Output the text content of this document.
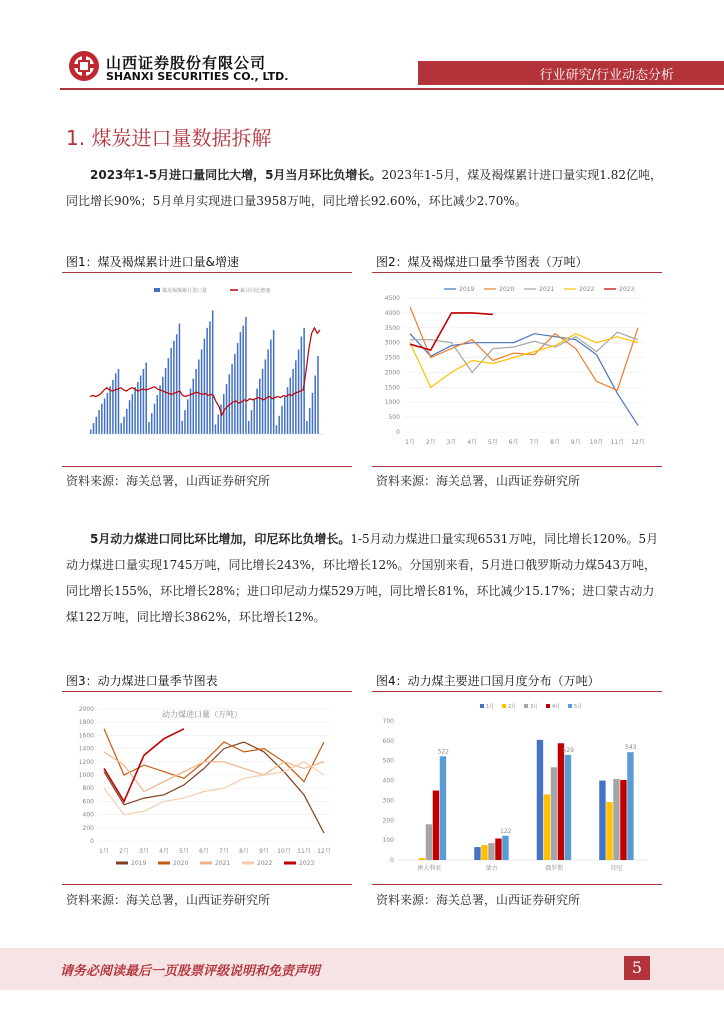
山西证券股份有限公司
SHANXI SECURITIES CO., LTD.	行业研究/行业动态分析
1. 煤炭进口量数据拆解
2023年1-5月进口量同比大增，5月当月环比负增长。2023年1-5月，煤及褐煤累计进口量实现1.82亿吨，同比增长90%；5月单月实现进口量3958万吨，同比增长92.60%，环比减少2.70%。
图1：煤及褐煤累计进口量&增速
煤及褐煤累计进口量	累计同比增速
资料来源：海关总署，山西证券研究所
图2：煤及褐煤进口量季节图表（万吨）
0
500
1000
1500
2000
2500
3000
3500
4000
4500
1月 2月 3月 4月 5月 6月 7月 8月 9月 10月 11月 12月
2019	2020	2021	2022	2023
资料来源：海关总署，山西证券研究所
5月动力煤进口同比环比增加，印尼环比负增长。1-5月动力煤进口量实现6531万吨，同比增长120%。5月动力煤进口量实现1745万吨，同比增长243%，环比增长12%。分国别来看，5月进口俄罗斯动力煤543万吨，同比增长155%，环比增长28%；进口印尼动力煤529万吨，同比增长81%，环比减少15.17%；进口蒙古动力煤122万吨，同比增长3862%，环比增长12%。
图3：动力煤进口量季节图表
0
200
400
600
800
1000
1200
1400
1600
1800
2000
1月 2月 3月 4月 5月 6月 7月 8月 9月 10月 11月 12月
2019	2020	2021	2022	2023
动力煤进口量（万吨）
资料来源：海关总署，山西证券研究所
图4：动力煤主要进口国月度分布（万吨）
0
100
200
300
400
500
600
700
1月	2月	3月	4月	5月
522
澳大利亚
122
蒙古
529
俄罗斯
543
印尼
资料来源：海关总署，山西证券研究所
请务必阅读最后一页股票评级说明和免责声明	5
